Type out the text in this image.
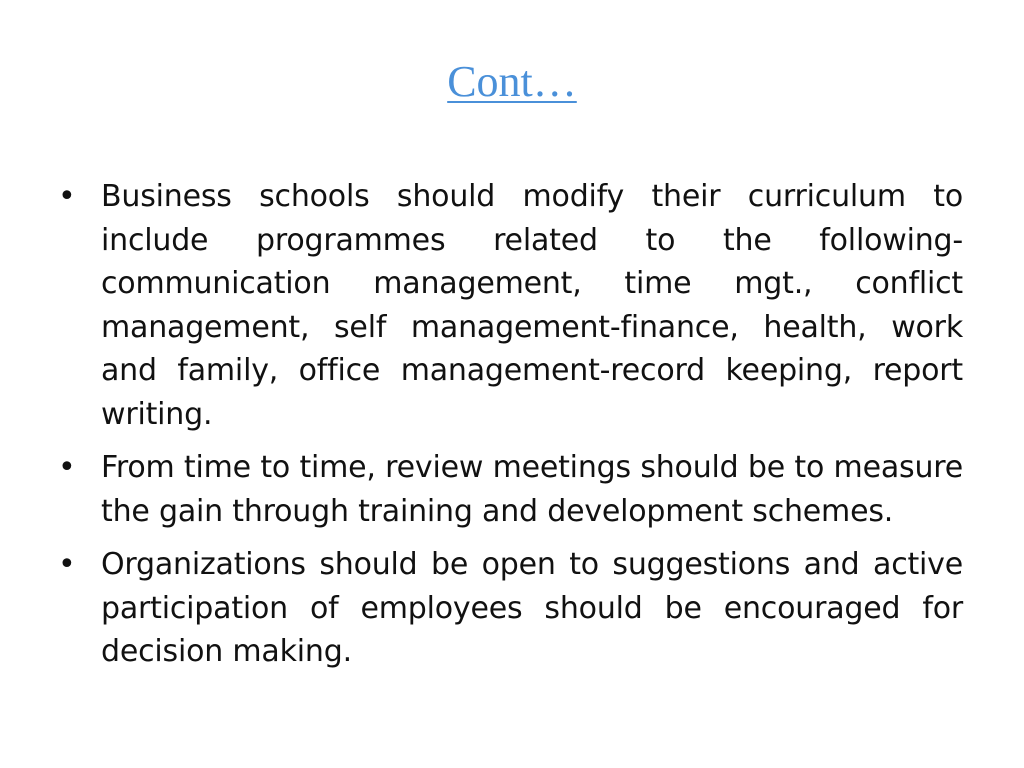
Cont…
• Business schools should modify their curriculum to include programmes related to the following- communication management, time mgt., conflict management, self management-finance, health, work and family, office management-record keeping, report writing.
• From time to time, review meetings should be to measure the gain through training and development schemes.
• Organizations should be open to suggestions and active participation of employees should be encouraged for decision making.
